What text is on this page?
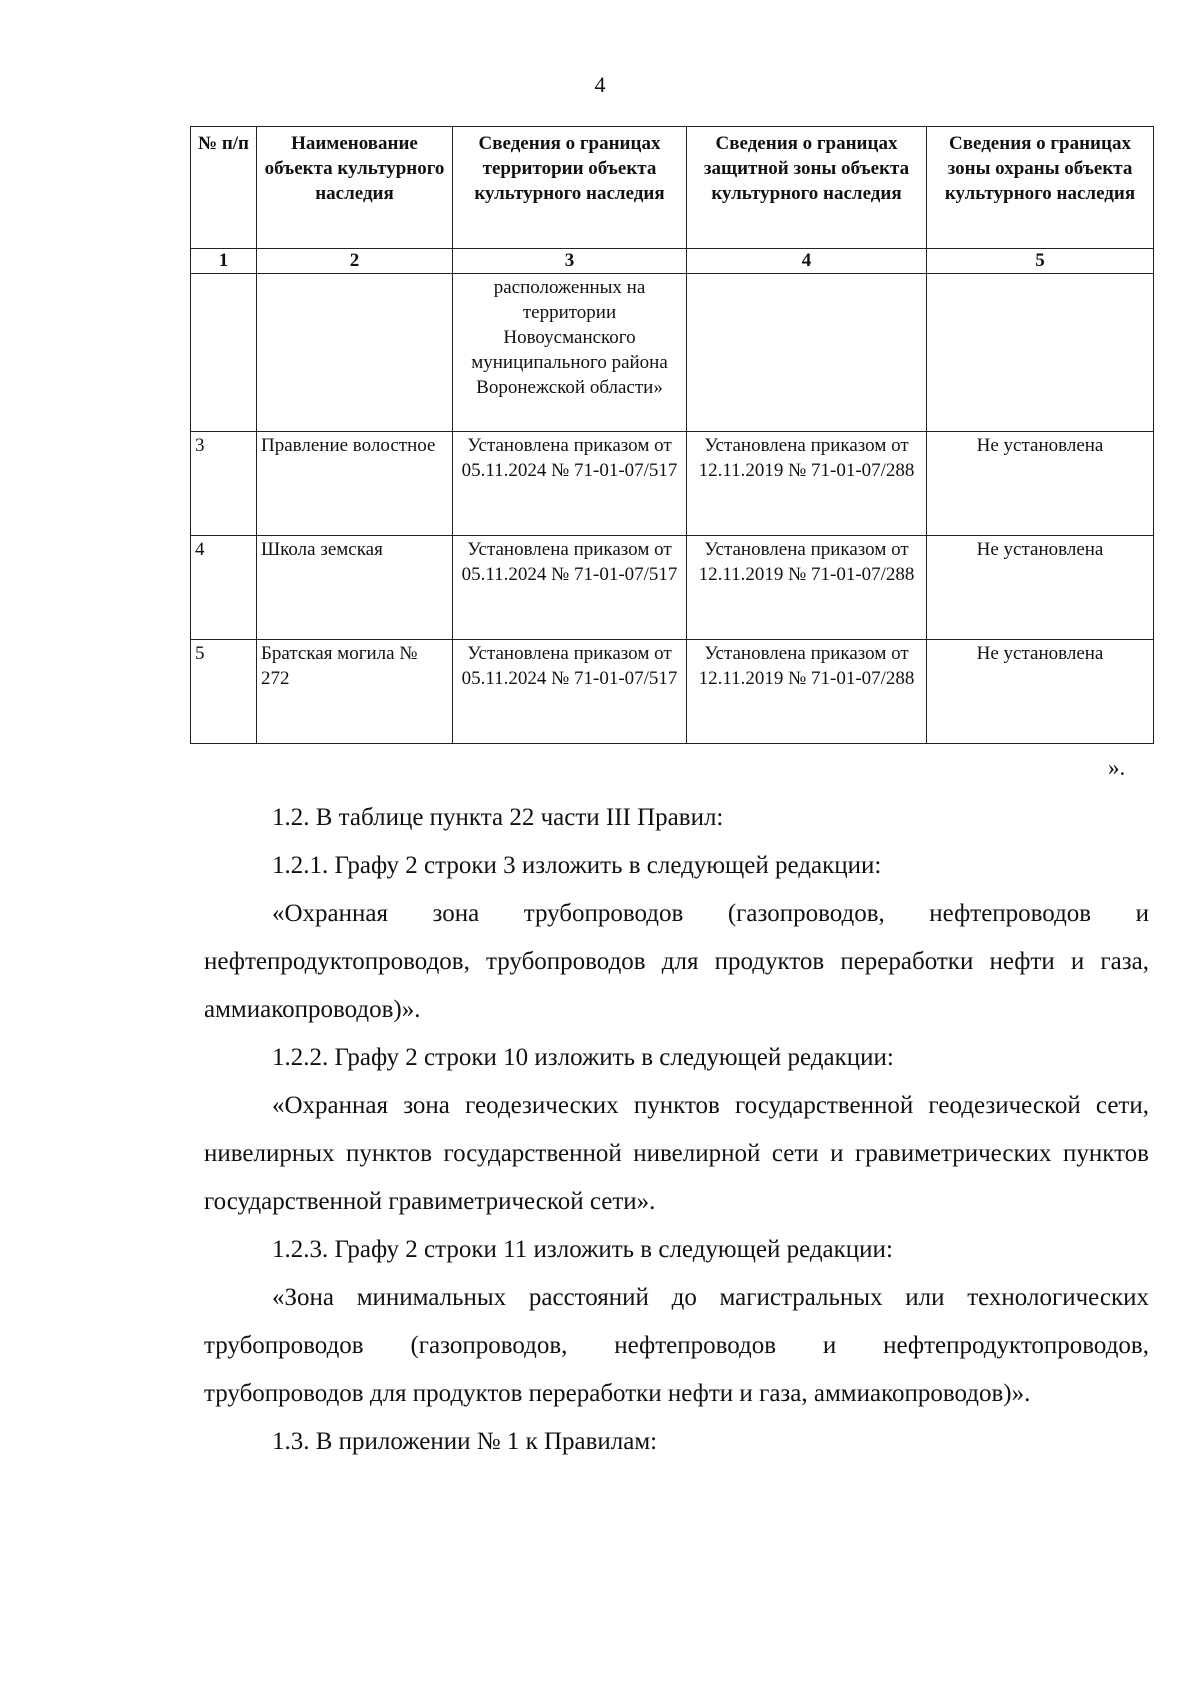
4
№ п/п	Наименование объекта культурного наследия	Сведения о границах территории объекта культурного наследия	Сведения о границах защитной зоны объекта культурного наследия	Сведения о границах зоны охраны объекта культурного наследия
1	2	3	4	5
		расположенных на территории Новоусманского муниципального района Воронежской области»		
3	Правление волостное	Установлена приказом от 05.11.2024 № 71-01-07/517	Установлена приказом от 12.11.2019 № 71-01-07/288	Не установлена
4	Школа земская	Установлена приказом от 05.11.2024 № 71-01-07/517	Установлена приказом от 12.11.2019 № 71-01-07/288	Не установлена
5	Братская могила № 272	Установлена приказом от 05.11.2024 № 71-01-07/517	Установлена приказом от 12.11.2019 № 71-01-07/288	Не установлена
».

1.2. В таблице пункта 22 части III Правил:

1.2.1. Графу 2 строки 3 изложить в следующей редакции:

«Охранная зона трубопроводов (газопроводов, нефтепроводов и нефтепродуктопроводов, трубопроводов для продуктов переработки нефти и газа, аммиакопроводов)».

1.2.2. Графу 2 строки 10 изложить в следующей редакции:

«Охранная зона геодезических пунктов государственной геодезической сети, нивелирных пунктов государственной нивелирной сети и гравиметрических пунктов государственной гравиметрической сети».

1.2.3. Графу 2 строки 11 изложить в следующей редакции:

«Зона минимальных расстояний до магистральных или технологических трубопроводов (газопроводов, нефтепроводов и нефтепродуктопроводов, трубопроводов для продуктов переработки нефти и газа, аммиакопроводов)».

1.3. В приложении № 1 к Правилам:
